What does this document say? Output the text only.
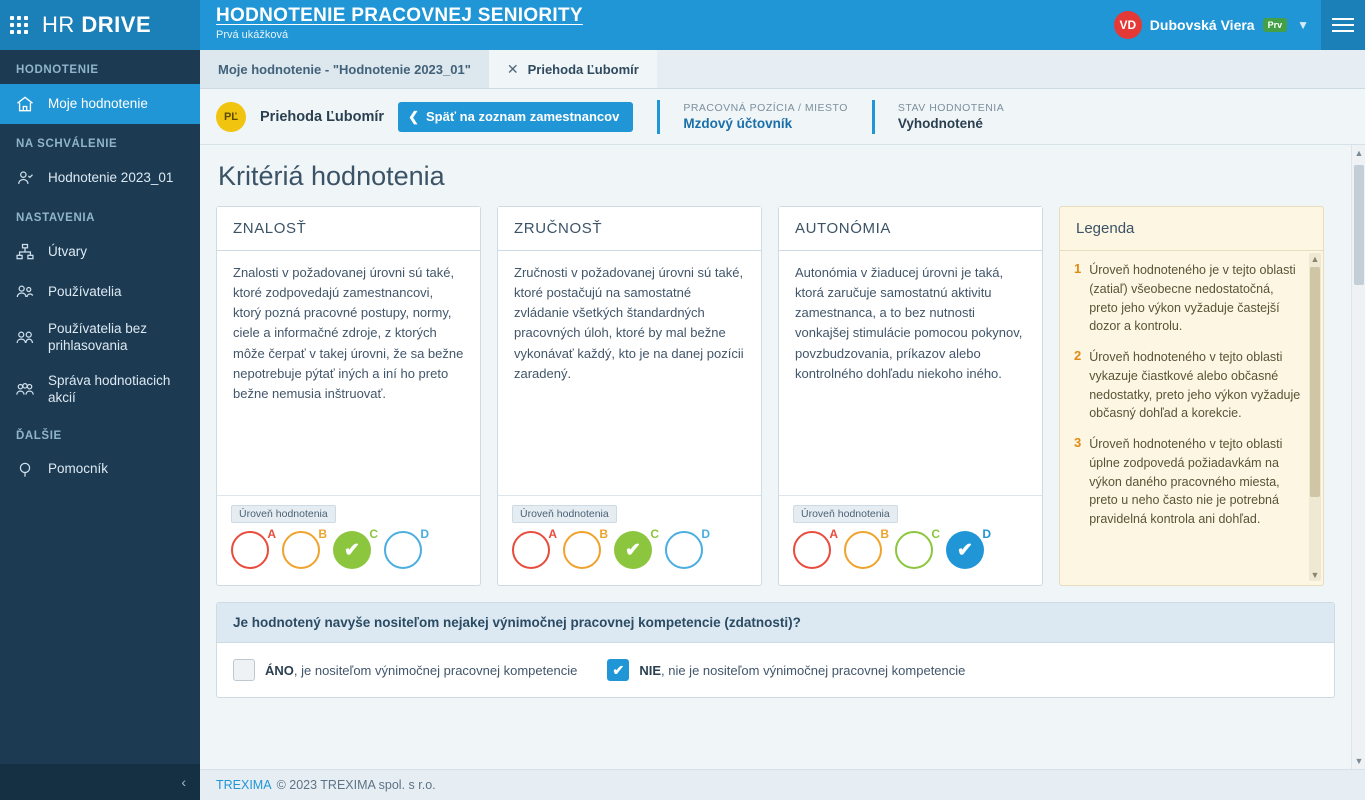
HR DRIVE	HODNOTENIE PRACOVNEJ SENIORITY
Prvá ukážková
VD Dubovská Viera	Prv	▼
HODNOTENIE
Moje hodnotenie
NA SCHVÁLENIE
Hodnotenie 2023_01
NASTAVENIA
Útvary
Používatelia
Používatelia bez prihlasovania
Správa hodnotiacich akcií
ĎALŠIE
Pomocník
‹
Moje hodnotenie - "Hodnotenie 2023_01"	✕ Priehoda Ľubomír
PĽ	Priehoda Ľubomír ❮ Späť na zoznam zamestnancov
PRACOVNÁ POZÍCIA / MIESTO
Mzdový účtovník
STAV HODNOTENIA
Vyhodnotené
Kritériá hodnotenia
ZNALOSŤ
Znalosti v požadovanej úrovni sú také, ktoré zodpovedajú zamestnancovi, ktorý pozná pracovné postupy, normy, ciele a informačné zdroje, z ktorých môže čerpať v takej úrovni, že sa bežne nepotrebuje pýtať iných a iní ho preto bežne nemusia inštruovať.
Úroveň hodnotenia
A	B
✔
C	D
ZRUČNOSŤ
Zručnosti v požadovanej úrovni sú také, ktoré postačujú na samostatné zvládanie všetkých štandardných pracovných úloh, ktoré by mal bežne vykonávať každý, kto je na danej pozícii zaradený.
Úroveň hodnotenia
A	B
✔
C	D
AUTONÓMIA
Autonómia v žiaducej úrovni je taká, ktorá zaručuje samostatnú aktivitu zamestnanca, a to bez nutnosti vonkajšej stimulácie pomocou pokynov, povzbudzovania, príkazov alebo kontrolného dohľadu niekoho iného.
Úroveň hodnotenia
A	B	C
✔
D
Legenda
1 Úroveň hodnoteného je v tejto oblasti (zatiaľ) všeobecne nedostatočná, preto jeho výkon vyžaduje častejší dozor a kontrolu.
2 Úroveň hodnoteného v tejto oblasti vykazuje čiastkové alebo občasné nedostatky, preto jeho výkon vyžaduje občasný dohľad a korekcie.
3 Úroveň hodnoteného v tejto oblasti úplne zodpovedá požiadavkám na výkon daného pracovného miesta, preto u neho často nie je potrebná pravidelná kontrola ani dohľad.
▲
▼
Je hodnotený navyše nositeľom nejakej výnimočnej pracovnej kompetencie (zdatnosti)?
ÁNO, je nositeľom výnimočnej pracovnej kompetencie	✔ NIE, nie je nositeľom výnimočnej pracovnej kompetencie
▲
▼
TREXIMA © 2023 TREXIMA spol. s r.o.
